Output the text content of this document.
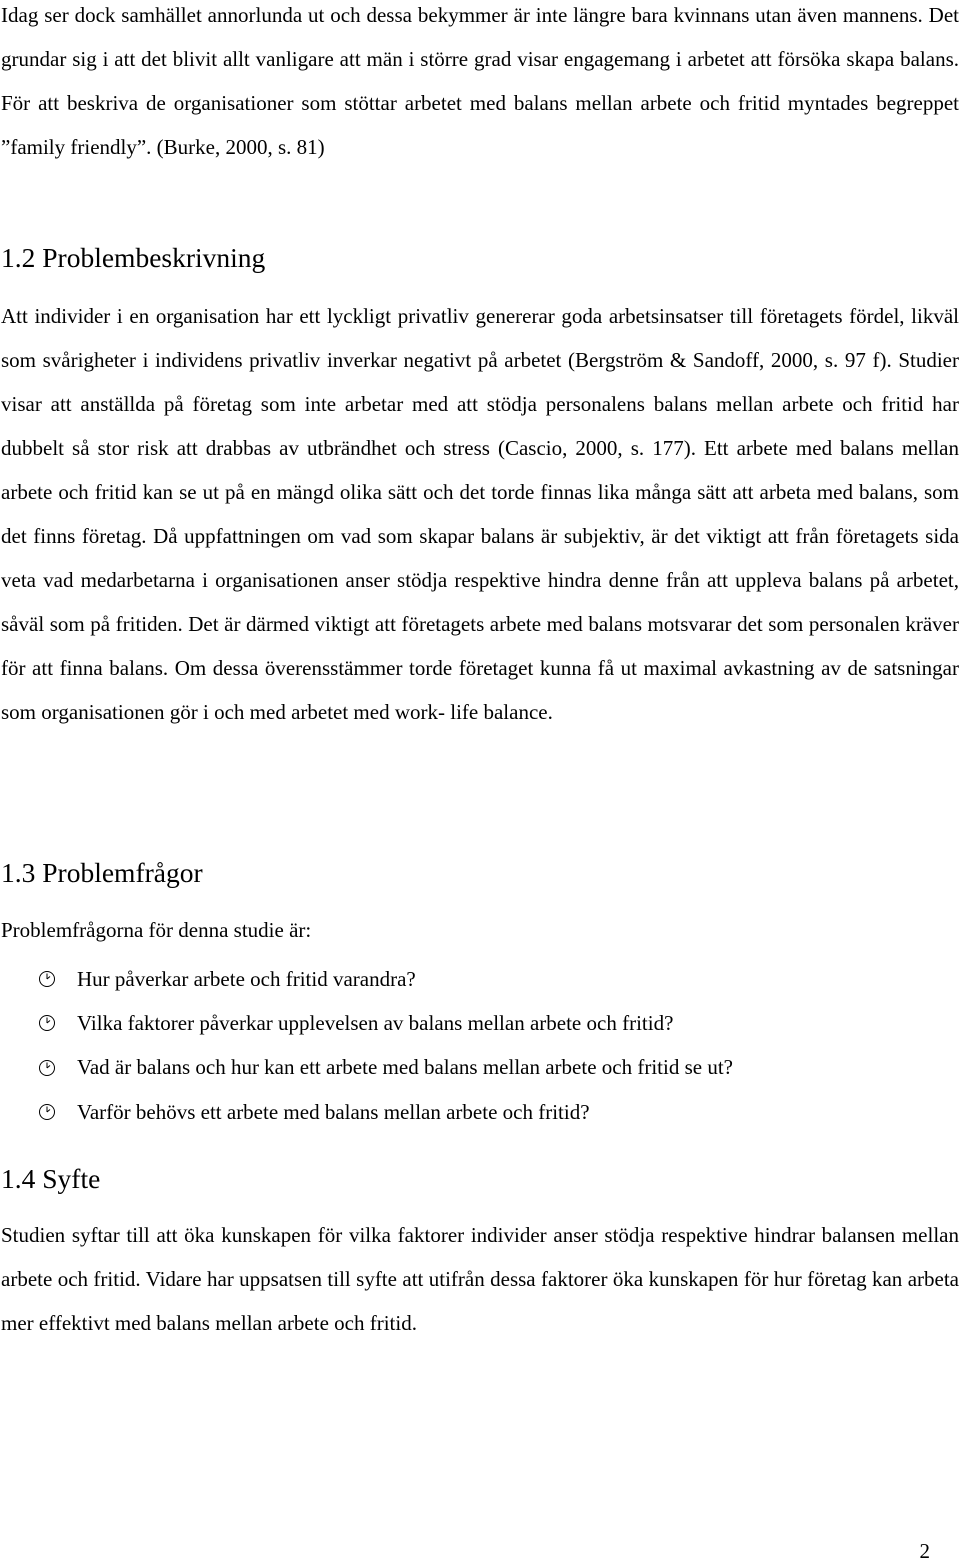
Idag ser dock samhället annorlunda ut och dessa bekymmer är inte längre bara kvinnans utan även mannens. Det grundar sig i att det blivit allt vanligare att män i större grad visar engagemang i arbetet att försöka skapa balans. För att beskriva de organisationer som stöttar arbetet med balans mellan arbete och fritid myntades begreppet ”family friendly”. (Burke, 2000, s. 81)

1.2 Problembeskrivning

Att individer i en organisation har ett lyckligt privatliv genererar goda arbetsinsatser till företagets fördel, likväl som svårigheter i individens privatliv inverkar negativt på arbetet (Bergström & Sandoff, 2000, s. 97 f). Studier visar att anställda på företag som inte arbetar med att stödja personalens balans mellan arbete och fritid har dubbelt så stor risk att drabbas av utbrändhet och stress (Cascio, 2000, s. 177). Ett arbete med balans mellan arbete och fritid kan se ut på en mängd olika sätt och det torde finnas lika många sätt att arbeta med balans, som det finns företag. Då uppfattningen om vad som skapar balans är subjektiv, är det viktigt att från företagets sida veta vad medarbetarna i organisationen anser stödja respektive hindra denne från att uppleva balans på arbetet, såväl som på fritiden. Det är därmed viktigt att företagets arbete med balans motsvarar det som personalen kräver för att finna balans. Om dessa överensstämmer torde företaget kunna få ut maximal avkastning av de satsningar som organisationen gör i och med arbetet med work- life balance.

1.3 Problemfrågor

Problemfrågorna för denna studie är:

Hur påverkar arbete och fritid varandra?
Vilka faktorer påverkar upplevelsen av balans mellan arbete och fritid?
Vad är balans och hur kan ett arbete med balans mellan arbete och fritid se ut?
Varför behövs ett arbete med balans mellan arbete och fritid?
1.4 Syfte

Studien syftar till att öka kunskapen för vilka faktorer individer anser stödja respektive hindrar balansen mellan arbete och fritid. Vidare har uppsatsen till syfte att utifrån dessa faktorer öka kunskapen för hur företag kan arbeta mer effektivt med balans mellan arbete och fritid.

2
